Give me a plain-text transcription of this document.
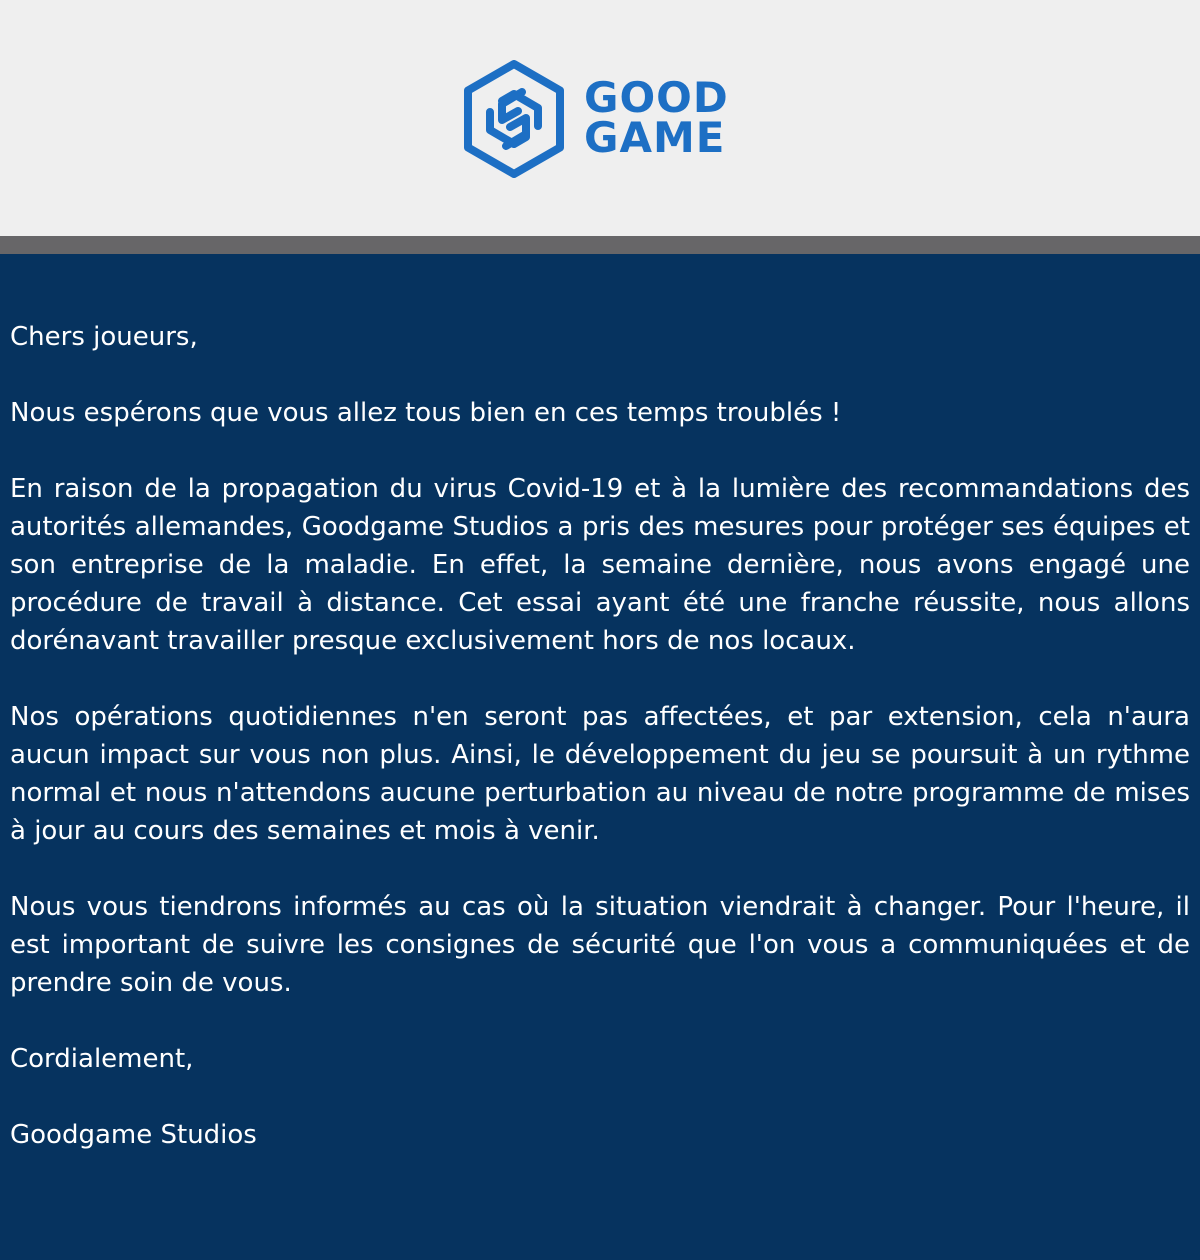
GOOD
GAME

Chers joueurs,

Nous espérons que vous allez tous bien en ces temps troublés !

En raison de la propagation du virus Covid-19 et à la lumière des recommandations des autorités allemandes, Goodgame Studios a pris des mesures pour protéger ses équipes et son entreprise de la maladie. En effet, la semaine dernière, nous avons engagé une procédure de travail à distance. Cet essai ayant été une franche réussite, nous allons dorénavant travailler presque exclusivement hors de nos locaux.

Nos opérations quotidiennes n'en seront pas affectées, et par extension, cela n'aura aucun impact sur vous non plus. Ainsi, le développement du jeu se poursuit à un rythme normal et nous n'attendons aucune perturbation au niveau de notre programme de mises à jour au cours des semaines et mois à venir.

Nous vous tiendrons informés au cas où la situation viendrait à changer. Pour l'heure, il est important de suivre les consignes de sécurité que l'on vous a communiquées et de prendre soin de vous.

Cordialement,

Goodgame Studios
